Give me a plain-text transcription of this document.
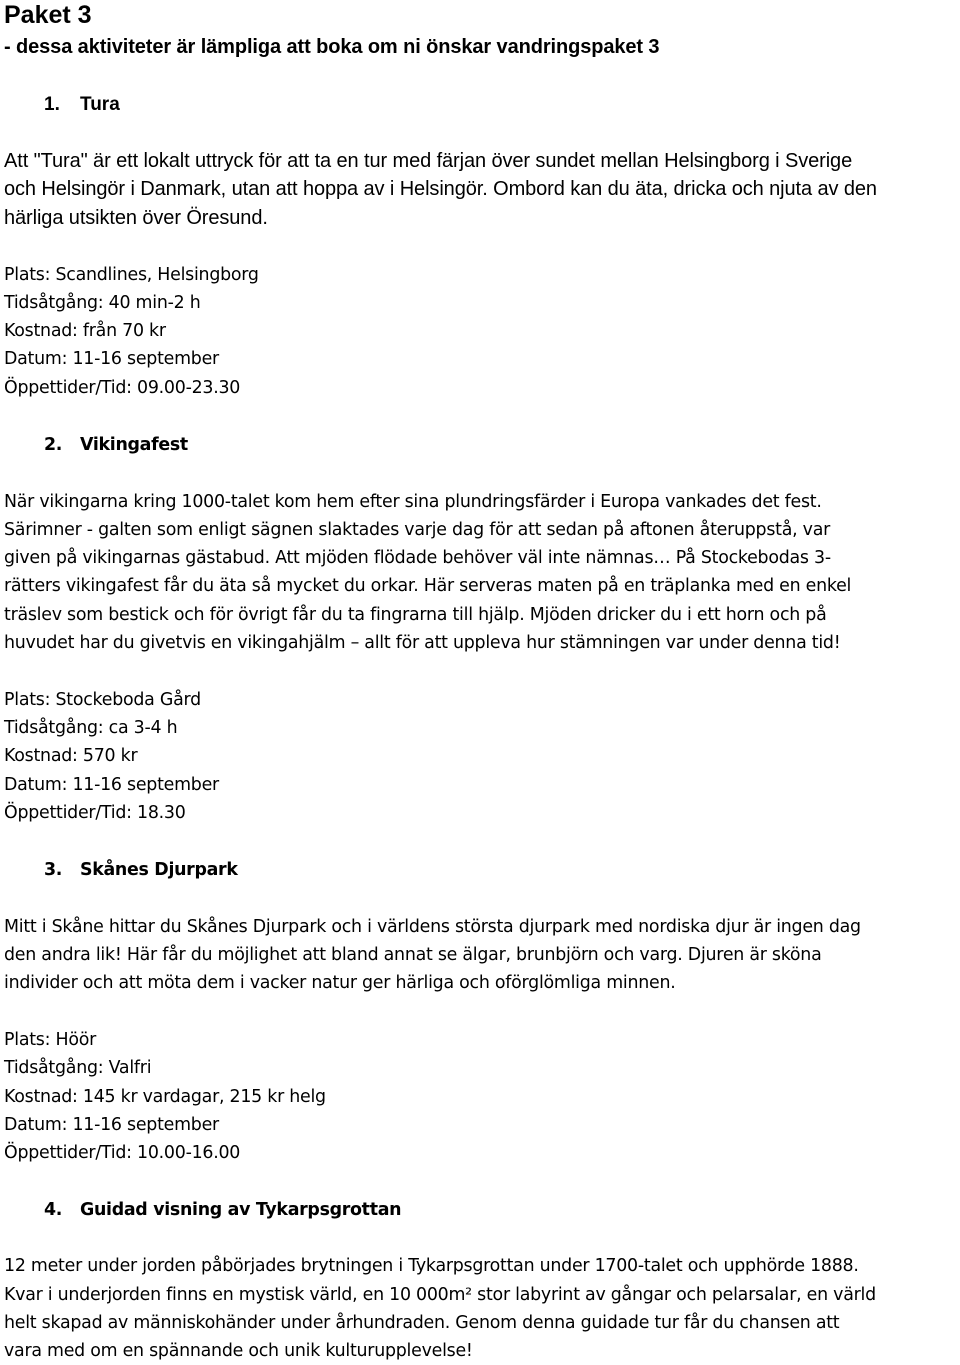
Paket 3
- dessa aktiviteter är lämpliga att boka om ni önskar vandringspaket 3
1. Tura
Att "Tura" är ett lokalt uttryck för att ta en tur med färjan över sundet mellan Helsingborg i Sverige
och Helsingör i Danmark, utan att hoppa av i Helsingör. Ombord kan du äta, dricka och njuta av den
härliga utsikten över Öresund.
Plats: Scandlines, Helsingborg
Tidsåtgång: 40 min-2 h
Kostnad: från 70 kr
Datum: 11-16 september
Öppettider/Tid: 09.00-23.30
2. Vikingafest
När vikingarna kring 1000-talet kom hem efter sina plundringsfärder i Europa vankades det fest.
Särimner - galten som enligt sägnen slaktades varje dag för att sedan på aftonen återuppstå, var
given på vikingarnas gästabud. Att mjöden flödade behöver väl inte nämnas… På Stockebodas 3-
rätters vikingafest får du äta så mycket du orkar. Här serveras maten på en träplanka med en enkel
träslev som bestick och för övrigt får du ta fingrarna till hjälp. Mjöden dricker du i ett horn och på
huvudet har du givetvis en vikingahjälm – allt för att uppleva hur stämningen var under denna tid!
Plats: Stockeboda Gård
Tidsåtgång: ca 3-4 h
Kostnad: 570 kr
Datum: 11-16 september
Öppettider/Tid: 18.30
3. Skånes Djurpark
Mitt i Skåne hittar du Skånes Djurpark och i världens största djurpark med nordiska djur är ingen dag
den andra lik! Här får du möjlighet att bland annat se älgar, brunbjörn och varg. Djuren är sköna
individer och att möta dem i vacker natur ger härliga och oförglömliga minnen.
Plats: Höör
Tidsåtgång: Valfri
Kostnad: 145 kr vardagar, 215 kr helg
Datum: 11-16 september
Öppettider/Tid: 10.00-16.00
4. Guidad visning av Tykarpsgrottan
12 meter under jorden påbörjades brytningen i Tykarpsgrottan under 1700-talet och upphörde 1888.
Kvar i underjorden finns en mystisk värld, en 10 000m² stor labyrint av gångar och pelarsalar, en värld
helt skapad av människohänder under århundraden. Genom denna guidade tur får du chansen att
vara med om en spännande och unik kulturupplevelse!
